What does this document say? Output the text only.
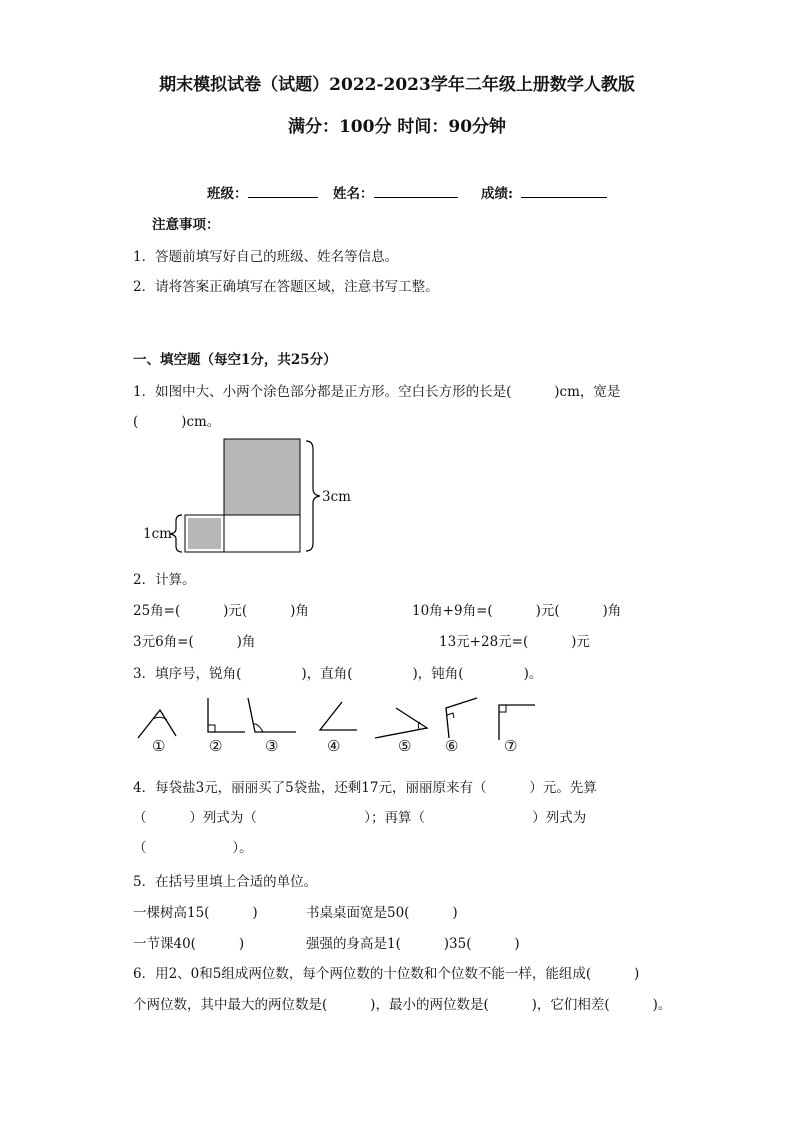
期末模拟试卷（试题）2022-2023学年二年级上册数学人教版
满分：100分 时间：90分钟
班级：	姓名：	成绩:
注意事项：
1．答题前填写好自己的班级、姓名等信息。
2．请将答案正确填写在答题区域，注意书写工整。
一、填空题（每空1分，共25分）
1．如图中大、小两个涂色部分都是正方形。空白长方形的长是(          )cm，宽是
(          )cm。
3cm
1cm
2．计算。
25角=(          )元(          )角	10角+9角=(          )元(          )角
3元6角=(          )角	13元+28元=(          )元
3．填序号，锐角(              )，直角(              )，钝角(              )。
①	②	③	④	⑤ ⑥	⑦
4．每袋盐3元，丽丽买了5袋盐，还剩17元，丽丽原来有（          ）元。先算
（          ）列式为（                         ）；再算（                         ）列式为
（                    ）。
5．在括号里填上合适的单位。
一棵树高15(          )	书桌桌面宽是50(          )
一节课40(          )	强强的身高是1(          )35(          )
6．用2、0和5组成两位数，每个两位数的十位数和个位数不能一样，能组成(          )
个两位数，其中最大的两位数是(          )，最小的两位数是(          )，它们相差(          )。
